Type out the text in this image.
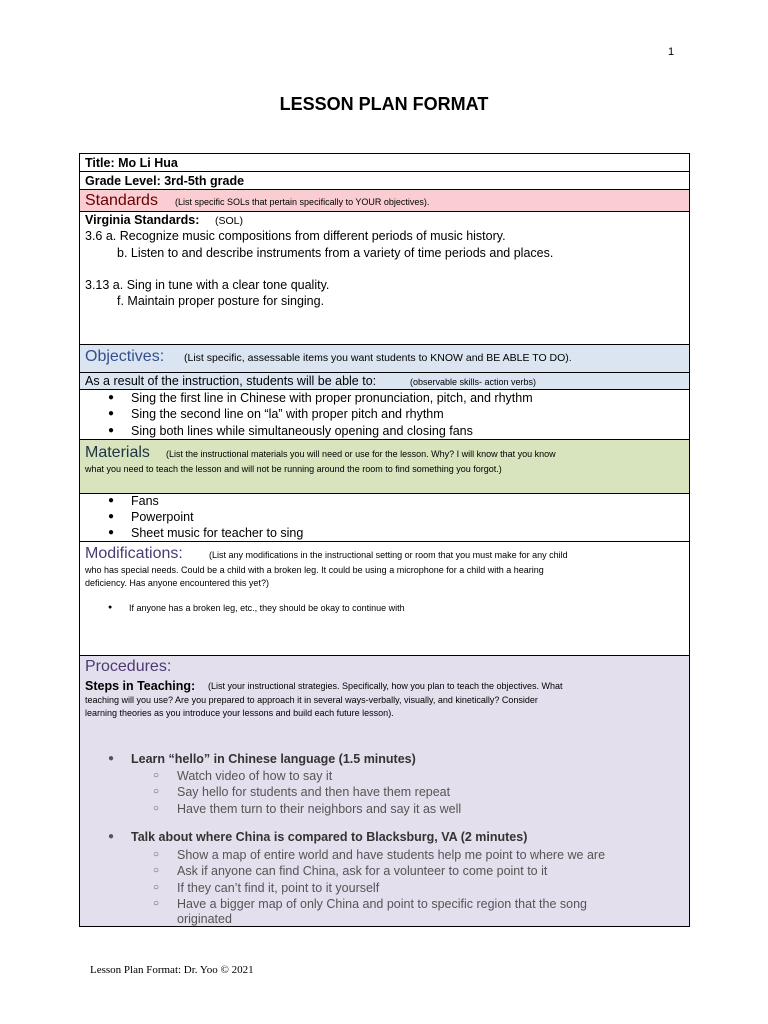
1
LESSON PLAN FORMAT
Title: Mo Li Hua
Grade Level: 3rd-5th grade
Standards (List specific SOLs that pertain specifically to YOUR objectives).
Virginia Standards: (SOL)
3.6 a. Recognize music compositions from different periods of music history.
b. Listen to and describe instruments from a variety of time periods and places.
3.13 a. Sing in tune with a clear tone quality.
f. Maintain proper posture for singing.
Objectives: (List specific, assessable items you want students to KNOW and BE ABLE TO DO).
As a result of the instruction, students will be able to:	(observable skills- action verbs)
● Sing the first line in Chinese with proper pronunciation, pitch, and rhythm
● Sing the second line on “la” with proper pitch and rhythm
● Sing both lines while simultaneously opening and closing fans
Materials (List the instructional materials you will need or use for the lesson. Why? I will know that you know
what you need to teach the lesson and will not be running around the room to find something you forgot.)
● Fans
● Powerpoint
● Sheet music for teacher to sing
Modifications:	(List any modifications in the instructional setting or room that you must make for any child
who has special needs. Could be a child with a broken leg. It could be using a microphone for a child with a hearing
deficiency. Has anyone encountered this yet?)
● If anyone has a broken leg, etc., they should be okay to continue with
Procedures:
Steps in Teaching: (List your instructional strategies. Specifically, how you plan to teach the objectives. What
teaching will you use? Are you prepared to approach it in several ways-verbally, visually, and kinetically? Consider
learning theories as you introduce your lessons and build each future lesson).
● Learn “hello” in Chinese language (1.5 minutes)
○ Watch video of how to say it
○ Say hello for students and then have them repeat
○ Have them turn to their neighbors and say it as well
● Talk about where China is compared to Blacksburg, VA (2 minutes)
○ Show a map of entire world and have students help me point to where we are
○ Ask if anyone can find China, ask for a volunteer to come point to it
○ If they can’t find it, point to it yourself
○ Have a bigger map of only China and point to specific region that the song
originated
Lesson Plan Format: Dr. Yoo © 2021
